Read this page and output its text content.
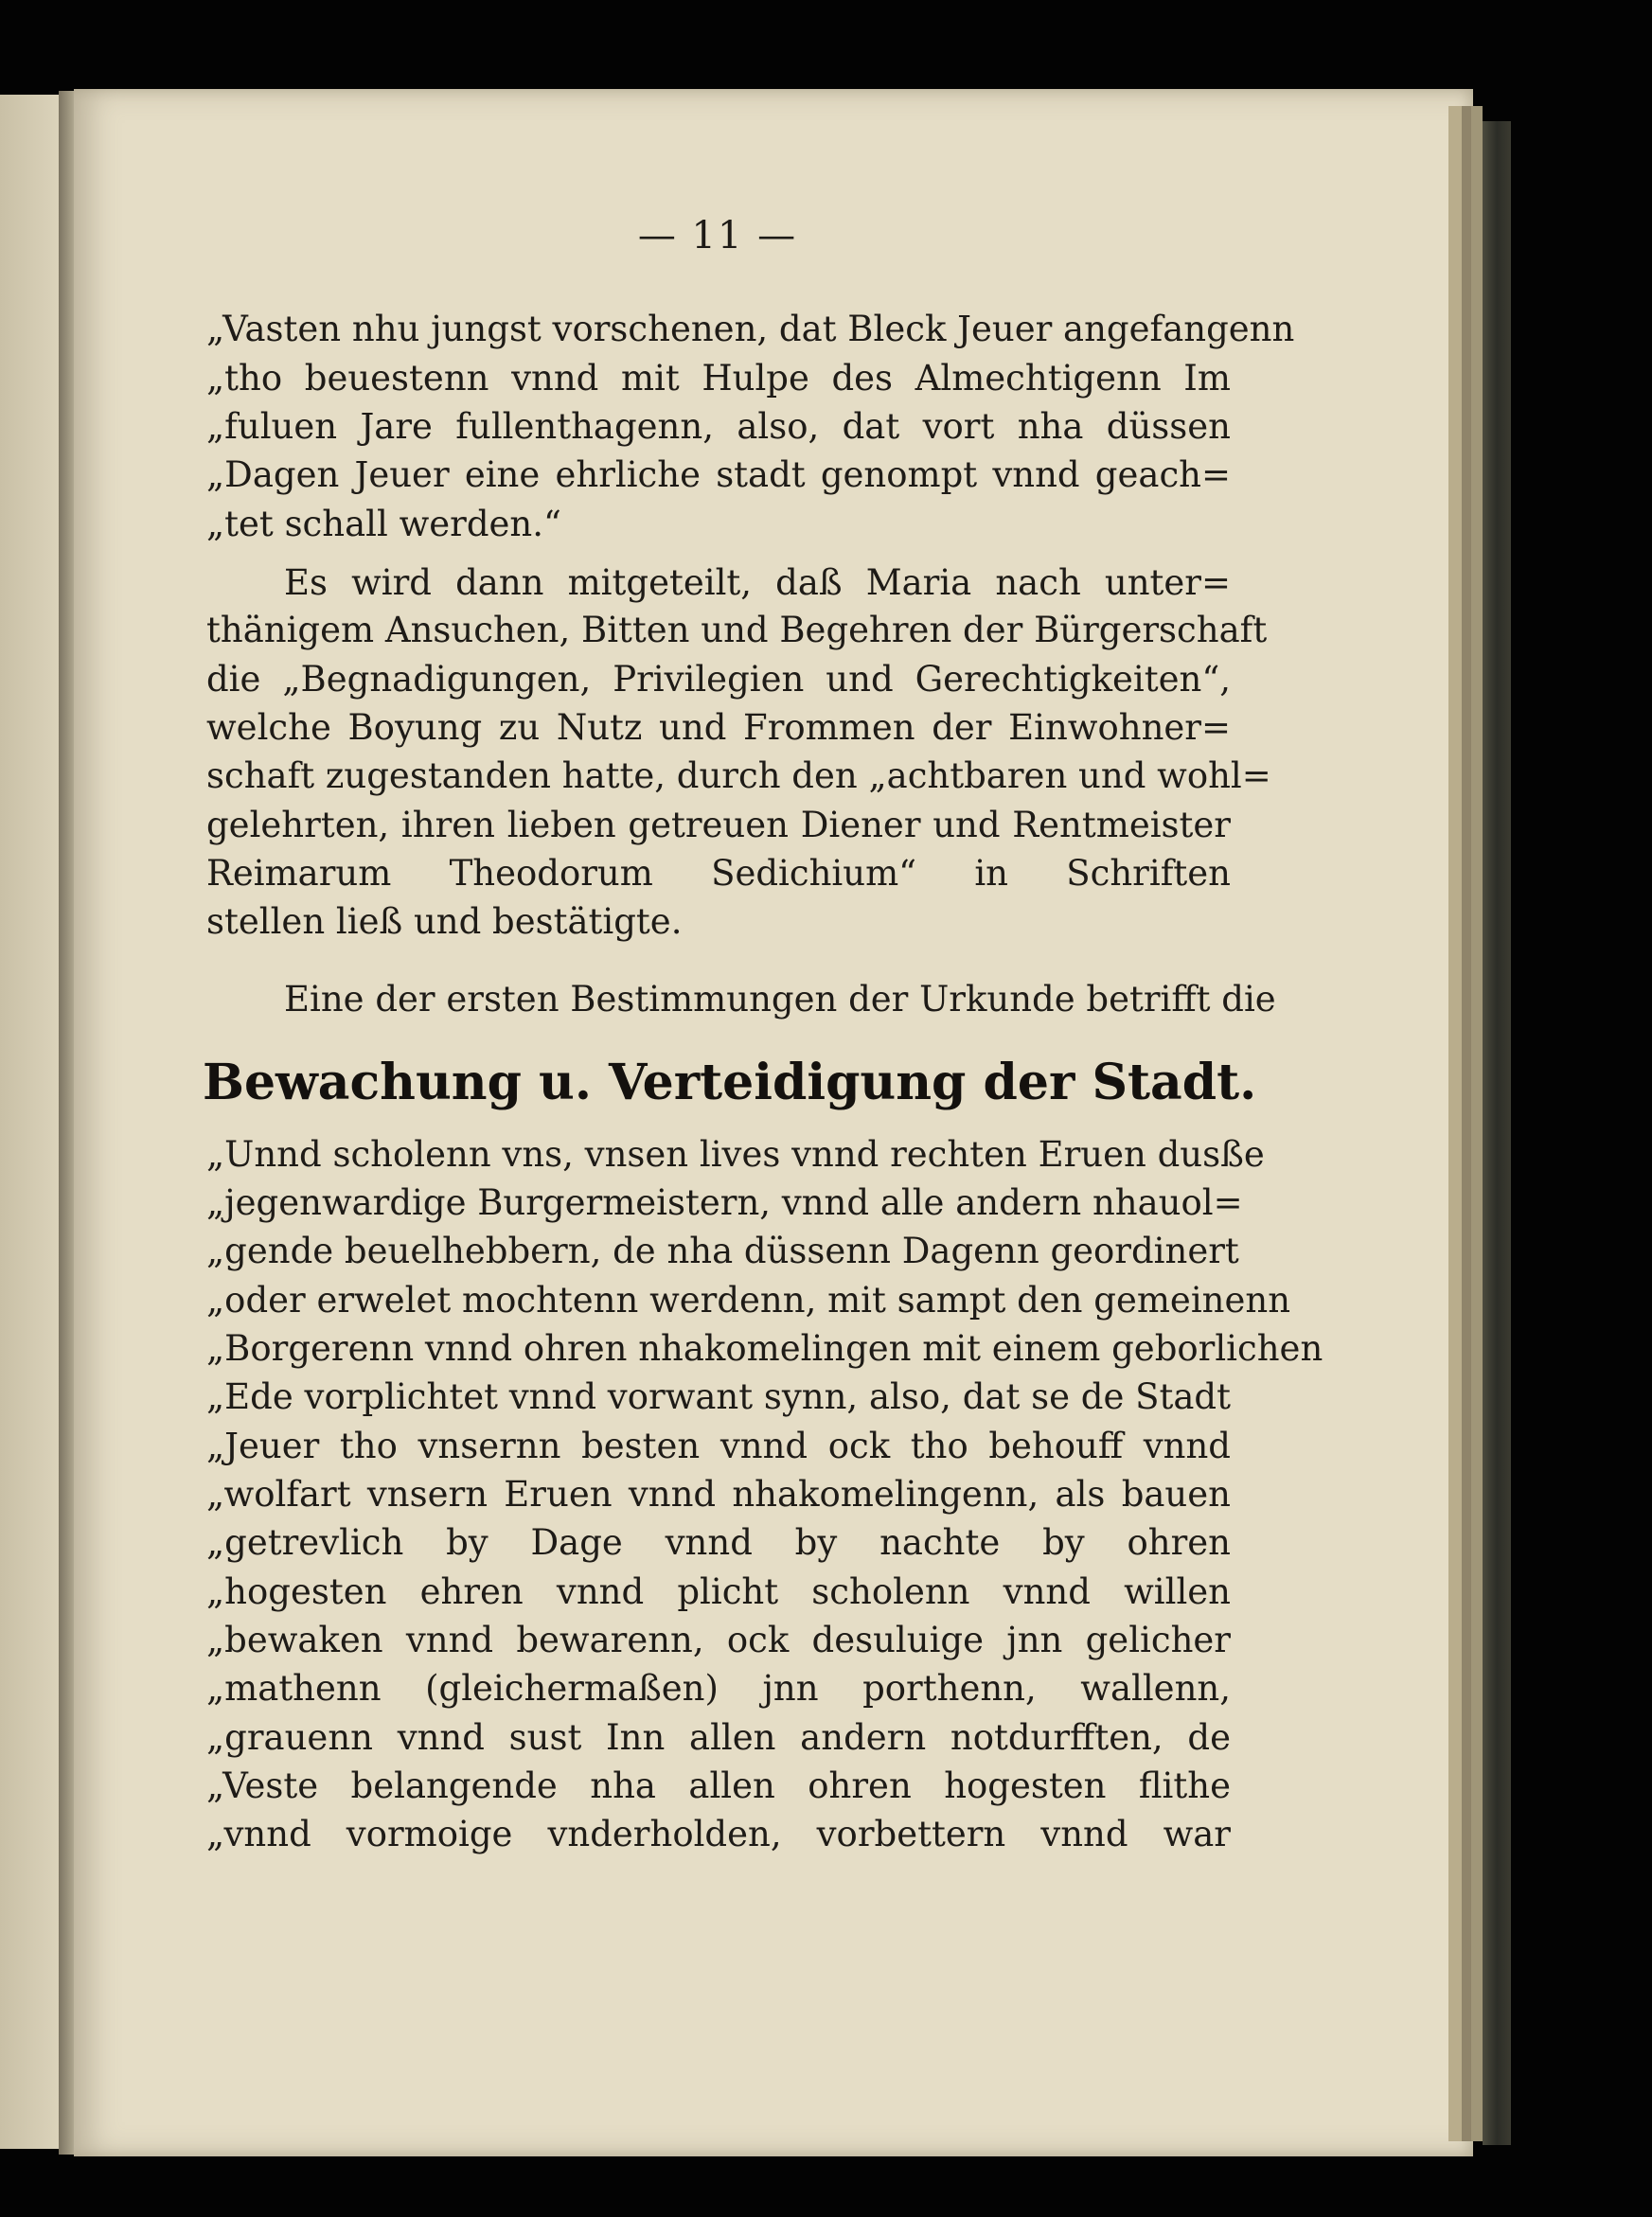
— 11 —

„Vasten nhu jungst vorschenen, dat Bleck Jeuer angefangenn

„tho beuestenn vnnd mit Hulpe des Almechtigenn Im

„fuluen Jare fullenthagenn, also, dat vort nha düssen

„Dagen Jeuer eine ehrliche stadt genompt vnnd geach=

„tet schall werden.“

Es wird dann mitgeteilt, daß Maria nach unter=

thänigem Ansuchen, Bitten und Begehren der Bürgerschaft

die „Begnadigungen, Privilegien und Gerechtigkeiten“,

welche Boyung zu Nutz und Frommen der Einwohner=

schaft zugestanden hatte, durch den „achtbaren und wohl=

gelehrten, ihren lieben getreuen Diener und Rentmeister

Reimarum Theodorum Sedichium“ in Schriften

stellen ließ und bestätigte.

Eine der ersten Bestimmungen der Urkunde betrifft die

Bewachung u. Verteidigung der Stadt.

„Unnd scholenn vns, vnsen lives vnnd rechten Eruen dusße

„jegenwardige Burgermeistern, vnnd alle andern nhauol=

„gende beuelhebbern, de nha düssenn Dagenn geordinert

„oder erwelet mochtenn werdenn, mit sampt den gemeinenn

„Borgerenn vnnd ohren nhakomelingen mit einem geborlichen

„Ede vorplichtet vnnd vorwant synn, also, dat se de Stadt

„Jeuer tho vnsernn besten vnnd ock tho behouff vnnd

„wolfart vnsern Eruen vnnd nhakomelingenn, als bauen

„getrevlich by Dage vnnd by nachte by ohren

„hogesten ehren vnnd plicht scholenn vnnd willen

„bewaken vnnd bewarenn, ock desuluige jnn gelicher

„mathenn (gleichermaßen) jnn porthenn, wallenn,

„grauenn vnnd sust Inn allen andern notdurfften, de

„Veste belangende nha allen ohren hogesten flithe

„vnnd vormoige vnderholden, vorbettern vnnd war
